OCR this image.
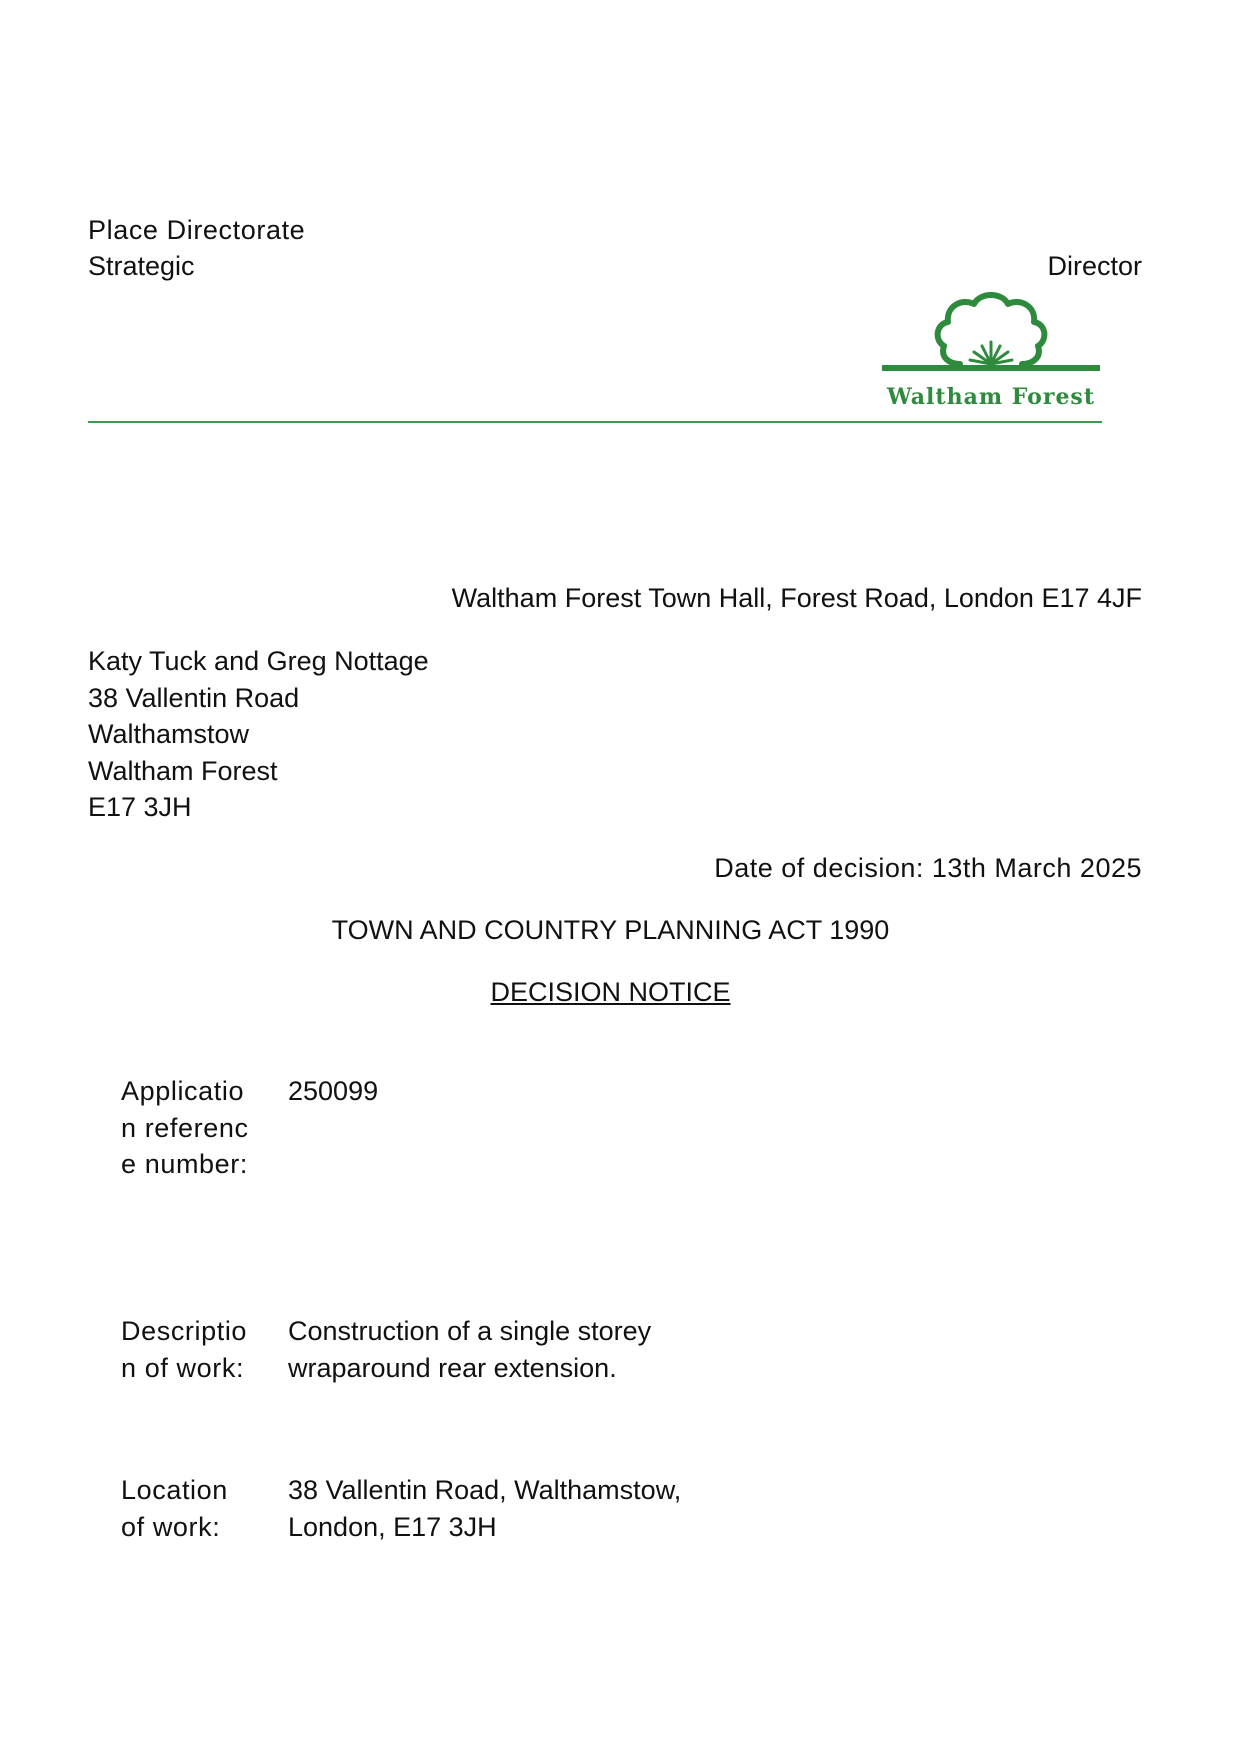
Place Directorate
Strategic	Director
Waltham Forest
Waltham Forest Town Hall, Forest Road, London E17 4JF
Katy Tuck and Greg Nottage
38 Vallentin Road
Walthamstow
Waltham Forest
E17 3JH
Date of decision: 13th March 2025
TOWN AND COUNTRY PLANNING ACT 1990
DECISION NOTICE
Application reference number:
250099
Description of work:
Construction of a single storey wraparound rear extension.
Location of work:
38 Vallentin Road, Walthamstow, London, E17 3JH
